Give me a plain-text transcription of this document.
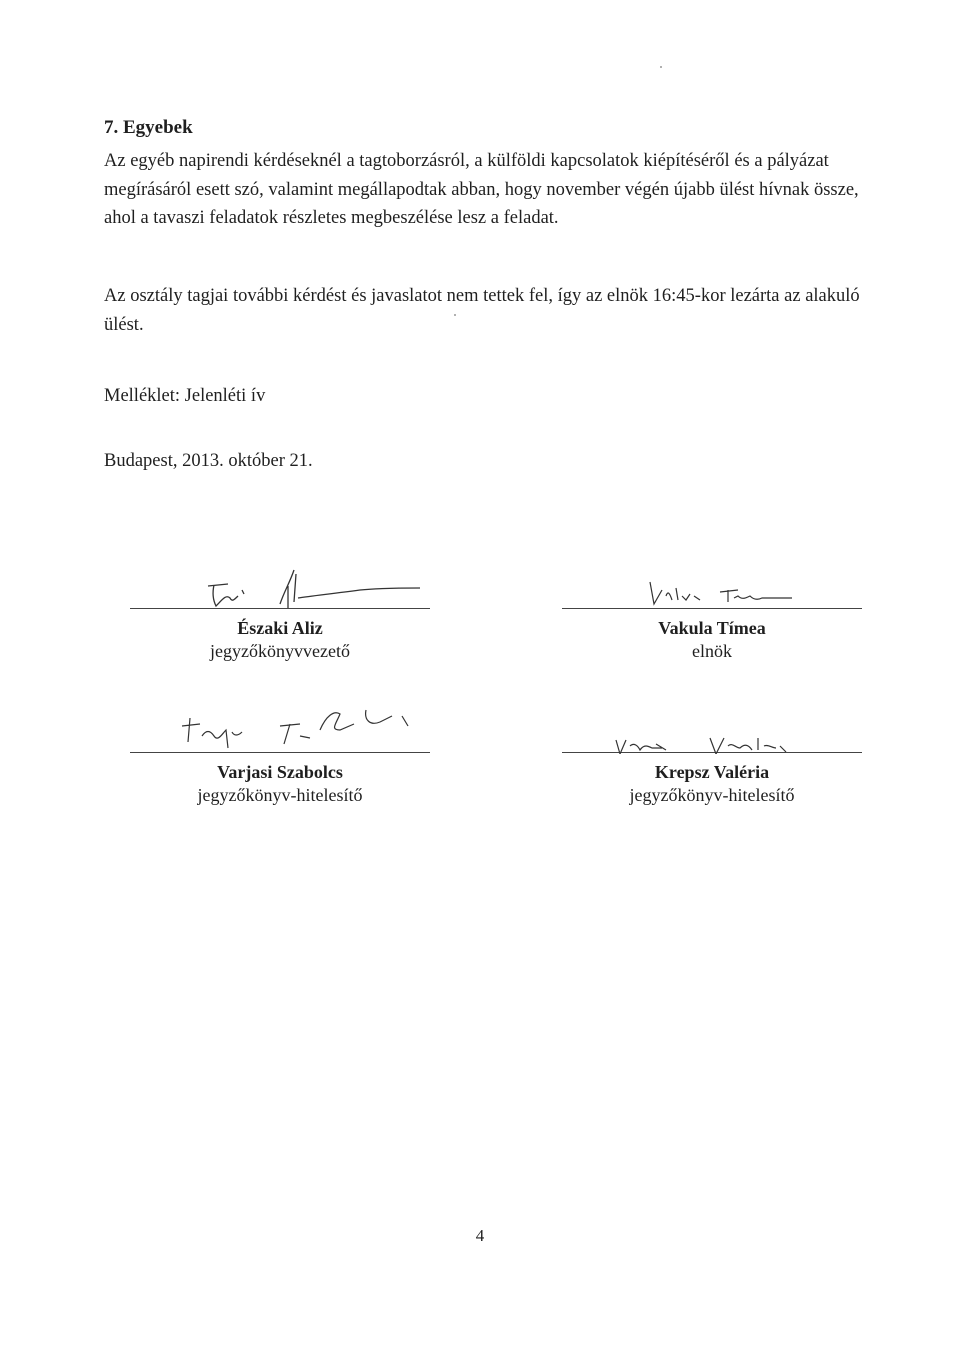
7. Egyebek
Az egyéb napirendi kérdéseknél a tagtoborzásról, a külföldi kapcsolatok kiépítéséről és a pályázat megírásáról esett szó, valamint megállapodtak abban, hogy november végén újabb ülést hívnak össze, ahol a tavaszi feladatok részletes megbeszélése lesz a feladat.
Az osztály tagjai további kérdést és javaslatot nem tettek fel, így az elnök 16:45-kor lezárta az alakuló ülést.
Melléklet: Jelenléti ív
Budapest, 2013. október 21.
Északi Aliz
jegyzőkönyvvezető
Vakula Tímea
elnök
Varjasi Szabolcs
jegyzőkönyv-hitelesítő
Krepsz Valéria
jegyzőkönyv-hitelesítő
4
